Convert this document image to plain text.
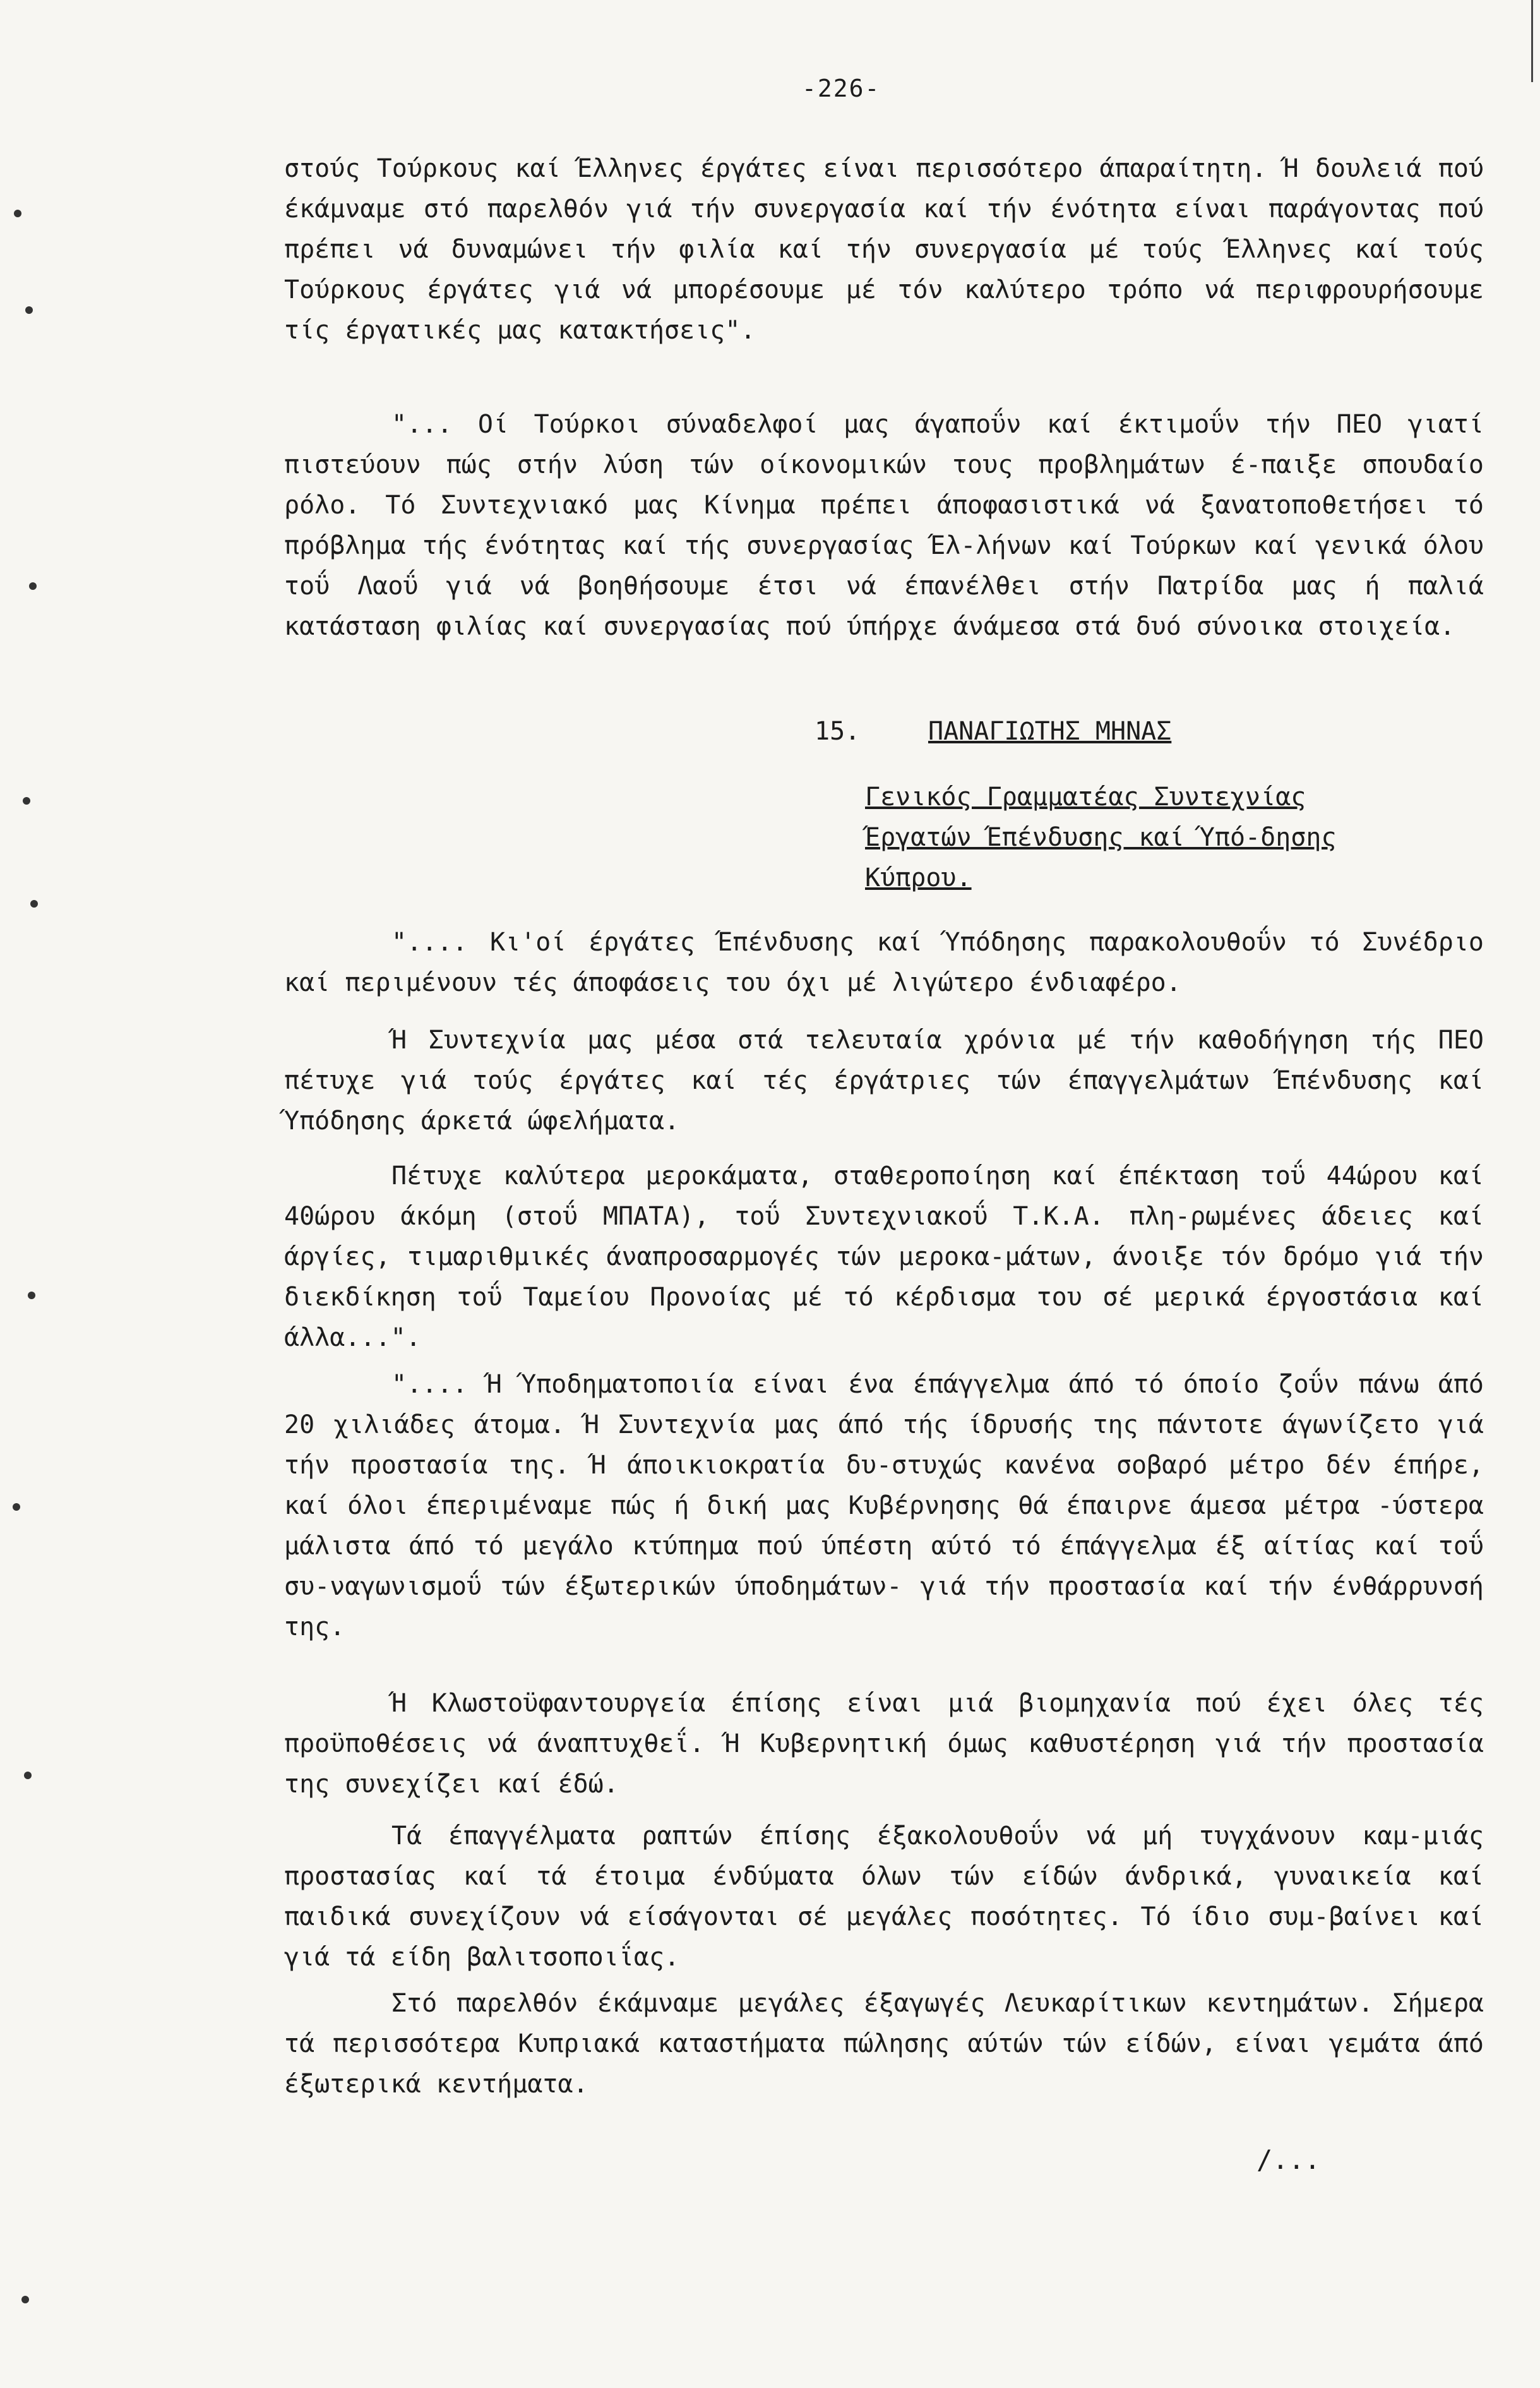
-226-

στούς Τούρκους καί Έλληνες έργάτες είναι περισσότερο άπαραίτητη. Ή δουλειά πού έκάμναμε στό παρελθόν γιά τήν συνεργασία καί τήν ένότητα είναι παράγοντας πού πρέπει νά δυναμώνει τήν φιλία καί τήν συνεργασία μέ τούς Έλληνες καί τούς Τούρκους έργάτες γιά νά μπορέσουμε μέ τόν καλύτερο τρόπο νά περιφρουρήσουμε τίς έργατικές μας κατακτήσεις".

"... Οί Τούρκοι σύναδελφοί μας άγαποΰν καί έκτιμοΰν τήν ΠΕΟ γιατί πιστεύουν πώς στήν λύση τών οίκονομικών τους προβλημάτων έ-παιξε σπουδαίο ρόλο. Τό Συντεχνιακό μας Κίνημα πρέπει άποφασιστικά νά ξανατοποθετήσει τό πρόβλημα τής ένότητας καί τής συνεργασίας Έλ-λήνων καί Τούρκων καί γενικά όλου τοΰ Λαοΰ γιά νά βοηθήσουμε έτσι νά έπανέλθει στήν Πατρίδα μας ή παλιά κατάσταση φιλίας καί συνεργασίας πού ύπήρχε άνάμεσα στά δυό σύνοικα στοιχεία.

15.	ΠΑΝΑΓΙΩΤΗΣ ΜΗΝΑΣ
Γενικός Γραμματέας Συντεχνίας Έργατών Έπένδυσης καί Ύπό-δησης Κύπρου.

".... Κι'οί έργάτες Έπένδυσης καί Ύπόδησης παρακολουθοΰν τό Συνέδριο καί περιμένουν τές άποφάσεις του όχι μέ λιγώτερο ένδιαφέρο.

Ή Συντεχνία μας μέσα στά τελευταία χρόνια μέ τήν καθοδήγηση τής ΠΕΟ πέτυχε γιά τούς έργάτες καί τές έργάτριες τών έπαγγελμάτων Έπένδυσης καί Ύπόδησης άρκετά ώφελήματα.

Πέτυχε καλύτερα μεροκάματα, σταθεροποίηση καί έπέκταση τοΰ 44ώρου καί 40ώρου άκόμη (στοΰ ΜΠΑΤΑ), τοΰ Συντεχνιακοΰ Τ.Κ.Α. πλη-ρωμένες άδειες καί άργίες, τιμαριθμικές άναπροσαρμογές τών μεροκα-μάτων, άνοιξε τόν δρόμο γιά τήν διεκδίκηση τοΰ Ταμείου Προνοίας μέ τό κέρδισμα του σέ μερικά έργοστάσια καί άλλα...".

".... Ή Ύποδηματοποιία είναι ένα έπάγγελμα άπό τό όποίο ζοΰν πάνω άπό 20 χιλιάδες άτομα. Ή Συντεχνία μας άπό τής ίδρυσής της πάντοτε άγωνίζετο γιά τήν προστασία της. Ή άποικιοκρατία δυ-στυχώς κανένα σοβαρό μέτρο δέν έπήρε, καί όλοι έπεριμέναμε πώς ή δική μας Κυβέρνησης θά έπαιρνε άμεσα μέτρα -ύστερα μάλιστα άπό τό μεγάλο κτύπημα πού ύπέστη αύτό τό έπάγγελμα έξ αίτίας καί τοΰ συ-ναγωνισμοΰ τών έξωτερικών ύποδημάτων- γιά τήν προστασία καί τήν ένθάρρυνσή της.

Ή Κλωστοϋφαντουργεία έπίσης είναι μιά βιομηχανία πού έχει όλες τές προϋποθέσεις νά άναπτυχθεΐ. Ή Κυβερνητική όμως καθυστέρηση γιά τήν προστασία της συνεχίζει καί έδώ.

Τά έπαγγέλματα ραπτών έπίσης έξακολουθοΰν νά μή τυγχάνουν καμ-μιάς προστασίας καί τά έτοιμα ένδύματα όλων τών είδών άνδρικά, γυναικεία καί παιδικά συνεχίζουν νά είσάγονται σέ μεγάλες ποσότητες. Τό ίδιο συμ-βαίνει καί γιά τά είδη βαλιτσοποιΐας.

Στό παρελθόν έκάμναμε μεγάλες έξαγωγές Λευκαρίτικων κεντημάτων. Σήμερα τά περισσότερα Κυπριακά καταστήματα πώλησης αύτών τών είδών, είναι γεμάτα άπό έξωτερικά κεντήματα.

/...
